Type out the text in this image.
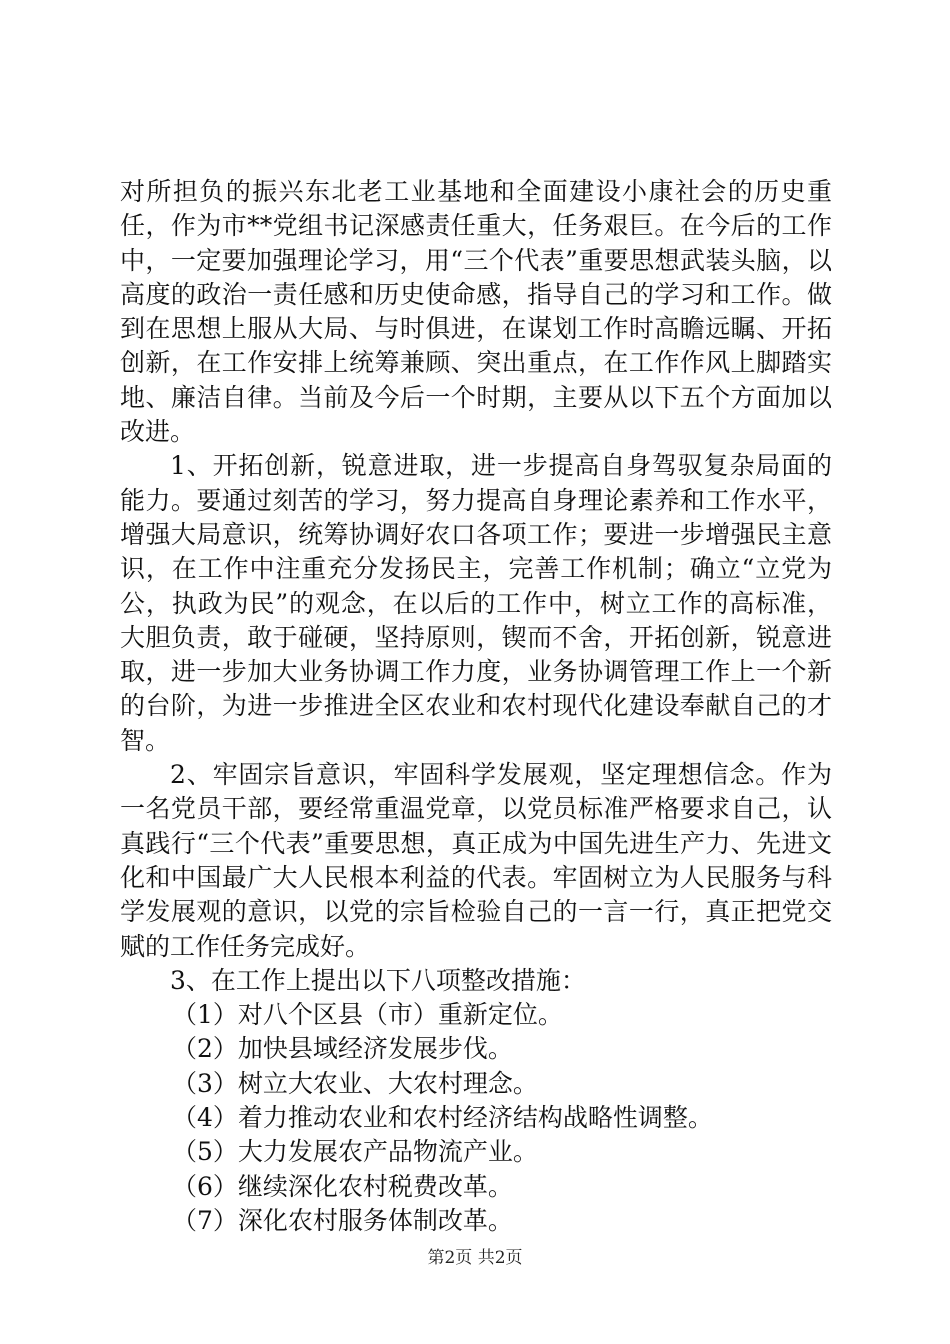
对所担负的振兴东北老工业基地和全面建设小康社会的历史重任，作为市**党组书记深感责任重大，任务艰巨。在今后的工作中，一定要加强理论学习，用“三个代表”重要思想武装头脑，以高度的政治一责任感和历史使命感，指导自己的学习和工作。做到在思想上服从大局、与时俱进，在谋划工作时高瞻远瞩、开拓创新，在工作安排上统筹兼顾、突出重点，在工作作风上脚踏实地、廉洁自律。当前及今后一个时期，主要从以下五个方面加以改进。

1、开拓创新，锐意进取，进一步提高自身驾驭复杂局面的能力。要通过刻苦的学习，努力提高自身理论素养和工作水平，增强大局意识，统筹协调好农口各项工作；要进一步增强民主意识，在工作中注重充分发扬民主，完善工作机制；确立“立党为公，执政为民”的观念，在以后的工作中，树立工作的高标准，大胆负责，敢于碰硬，坚持原则，锲而不舍，开拓创新，锐意进取，进一步加大业务协调工作力度，业务协调管理工作上一个新的台阶，为进一步推进全区农业和农村现代化建设奉献自己的才智。

2、牢固宗旨意识，牢固科学发展观，坚定理想信念。作为一名党员干部，要经常重温党章，以党员标准严格要求自己，认真践行“三个代表”重要思想，真正成为中国先进生产力、先进文化和中国最广大人民根本利益的代表。牢固树立为人民服务与科学发展观的意识，以党的宗旨检验自己的一言一行，真正把党交赋的工作任务完成好。

3、在工作上提出以下八项整改措施：

（1）对八个区县（市）重新定位。

（2）加快县域经济发展步伐。

（3）树立大农业、大农村理念。

（4）着力推动农业和农村经济结构战略性调整。

（5）大力发展农产品物流产业。

（6）继续深化农村税费改革。

（7）深化农村服务体制改革。

第2页 共2页
